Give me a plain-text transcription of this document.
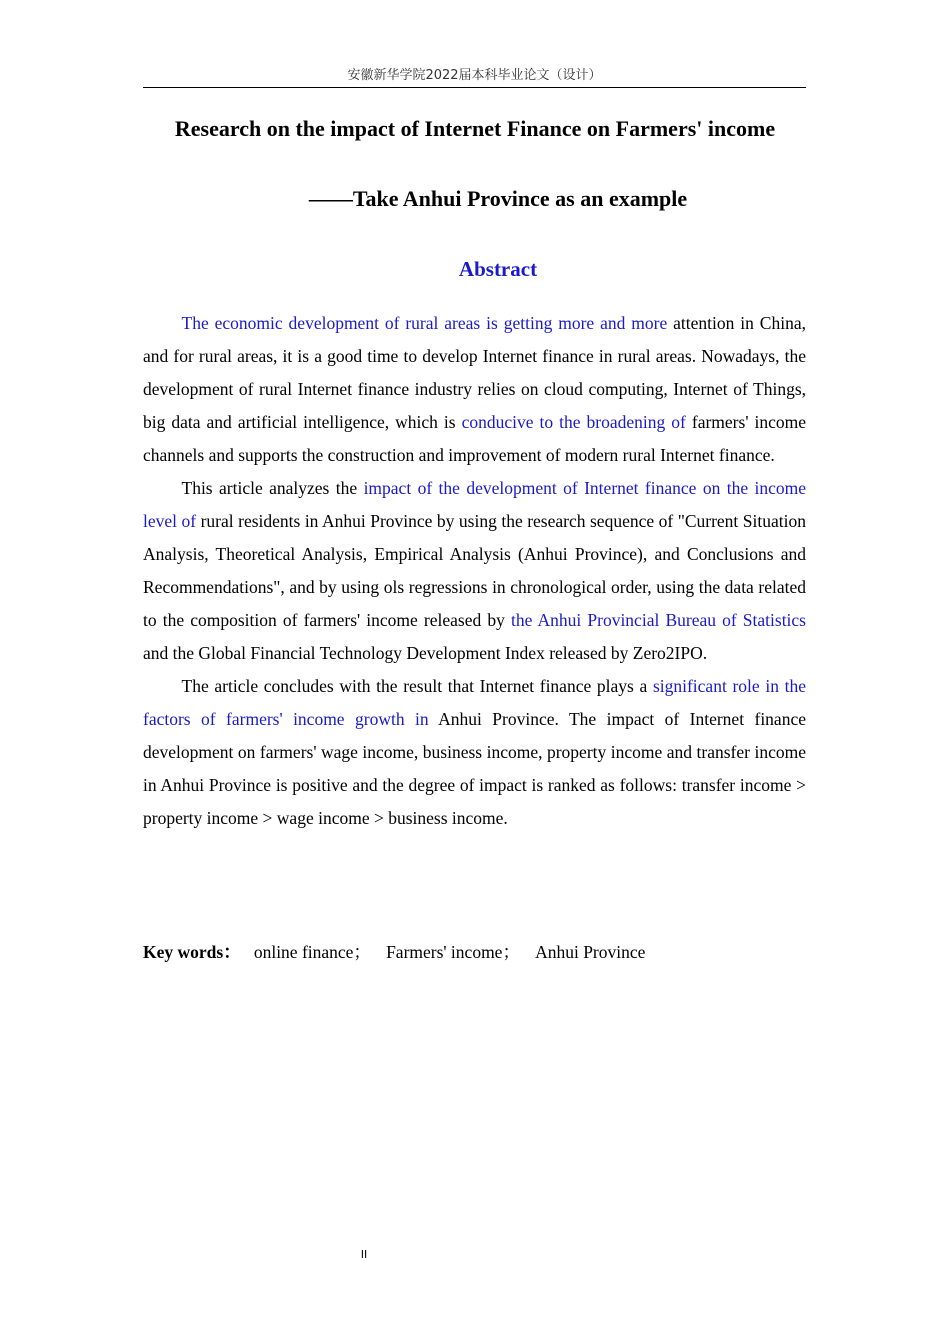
安徽新华学院2022届本科毕业论文（设计）
Research on the impact of Internet Finance on Farmers' income
——Take Anhui Province as an example
Abstract

The economic development of rural areas is getting more and more attention in China, and for rural areas, it is a good time to develop Internet finance in rural areas. Nowadays, the development of rural Internet finance industry relies on cloud computing, Internet of Things, big data and artificial intelligence, which is conducive to the broadening of farmers' income channels and supports the construction and improvement of modern rural Internet finance.

This article analyzes the impact of the development of Internet finance on the income level of rural residents in Anhui Province by using the research sequence of "Current Situation Analysis, Theoretical Analysis, Empirical Analysis (Anhui Province), and Conclusions and Recommendations", and by using ols regressions in chronological order, using the data related to the composition of farmers' income released by the Anhui Provincial Bureau of Statistics and the Global Financial Technology Development Index released by Zero2IPO.

The article concludes with the result that Internet finance plays a significant role in the factors of farmers' income growth in Anhui Province. The impact of Internet finance development on farmers' wage income, business income, property income and transfer income in Anhui Province is positive and the degree of impact is ranked as follows: transfer income > property income > wage income > business income.

Key words： online finance； Farmers' income； Anhui Province
II
